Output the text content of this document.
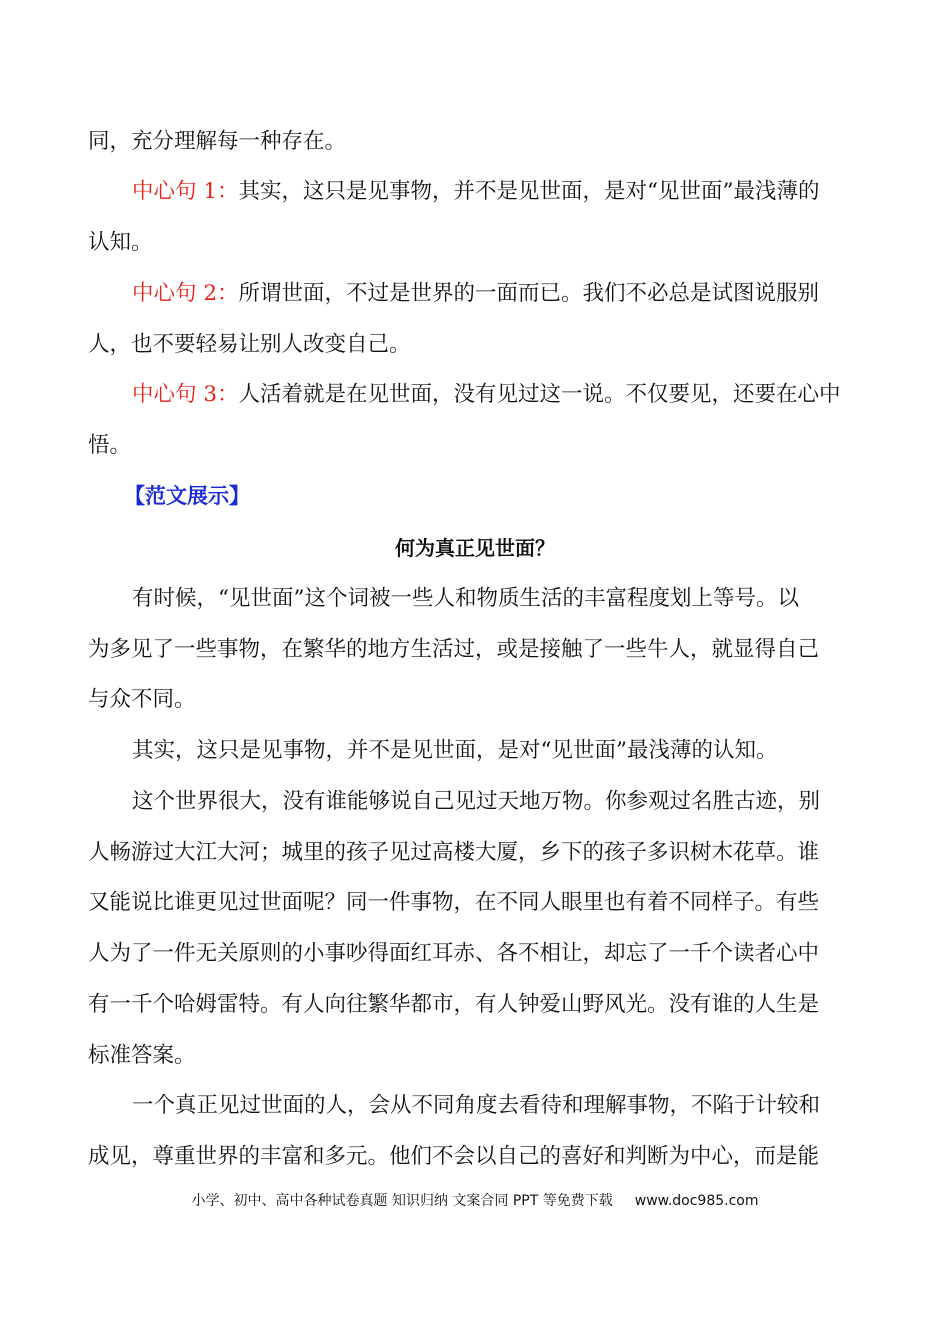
同，充分理解每一种存在。
中心句 1：其实，这只是见事物，并不是见世面，是对“见世面”最浅薄的
认知。
中心句 2：所谓世面，不过是世界的一面而已。我们不必总是试图说服别
人，也不要轻易让别人改变自己。
中心句 3：人活着就是在见世面，没有见过这一说。不仅要见，还要在心中
悟。
【范文展示】
何为真正见世面？
有时候，“见世面”这个词被一些人和物质生活的丰富程度划上等号。以
为多见了一些事物，在繁华的地方生活过，或是接触了一些牛人，就显得自己
与众不同。
其实，这只是见事物，并不是见世面，是对“见世面”最浅薄的认知。
这个世界很大，没有谁能够说自己见过天地万物。你参观过名胜古迹，别
人畅游过大江大河；城里的孩子见过高楼大厦，乡下的孩子多识树木花草。谁
又能说比谁更见过世面呢？同一件事物，在不同人眼里也有着不同样子。有些
人为了一件无关原则的小事吵得面红耳赤、各不相让，却忘了一千个读者心中
有一千个哈姆雷特。有人向往繁华都市，有人钟爱山野风光。没有谁的人生是
标准答案。
一个真正见过世面的人，会从不同角度去看待和理解事物，不陷于计较和
成见，尊重世界的丰富和多元。他们不会以自己的喜好和判断为中心，而是能
小学、初中、高中各种试卷真题 知识归纳 文案合同 PPT 等免费下载 www.doc985.com
